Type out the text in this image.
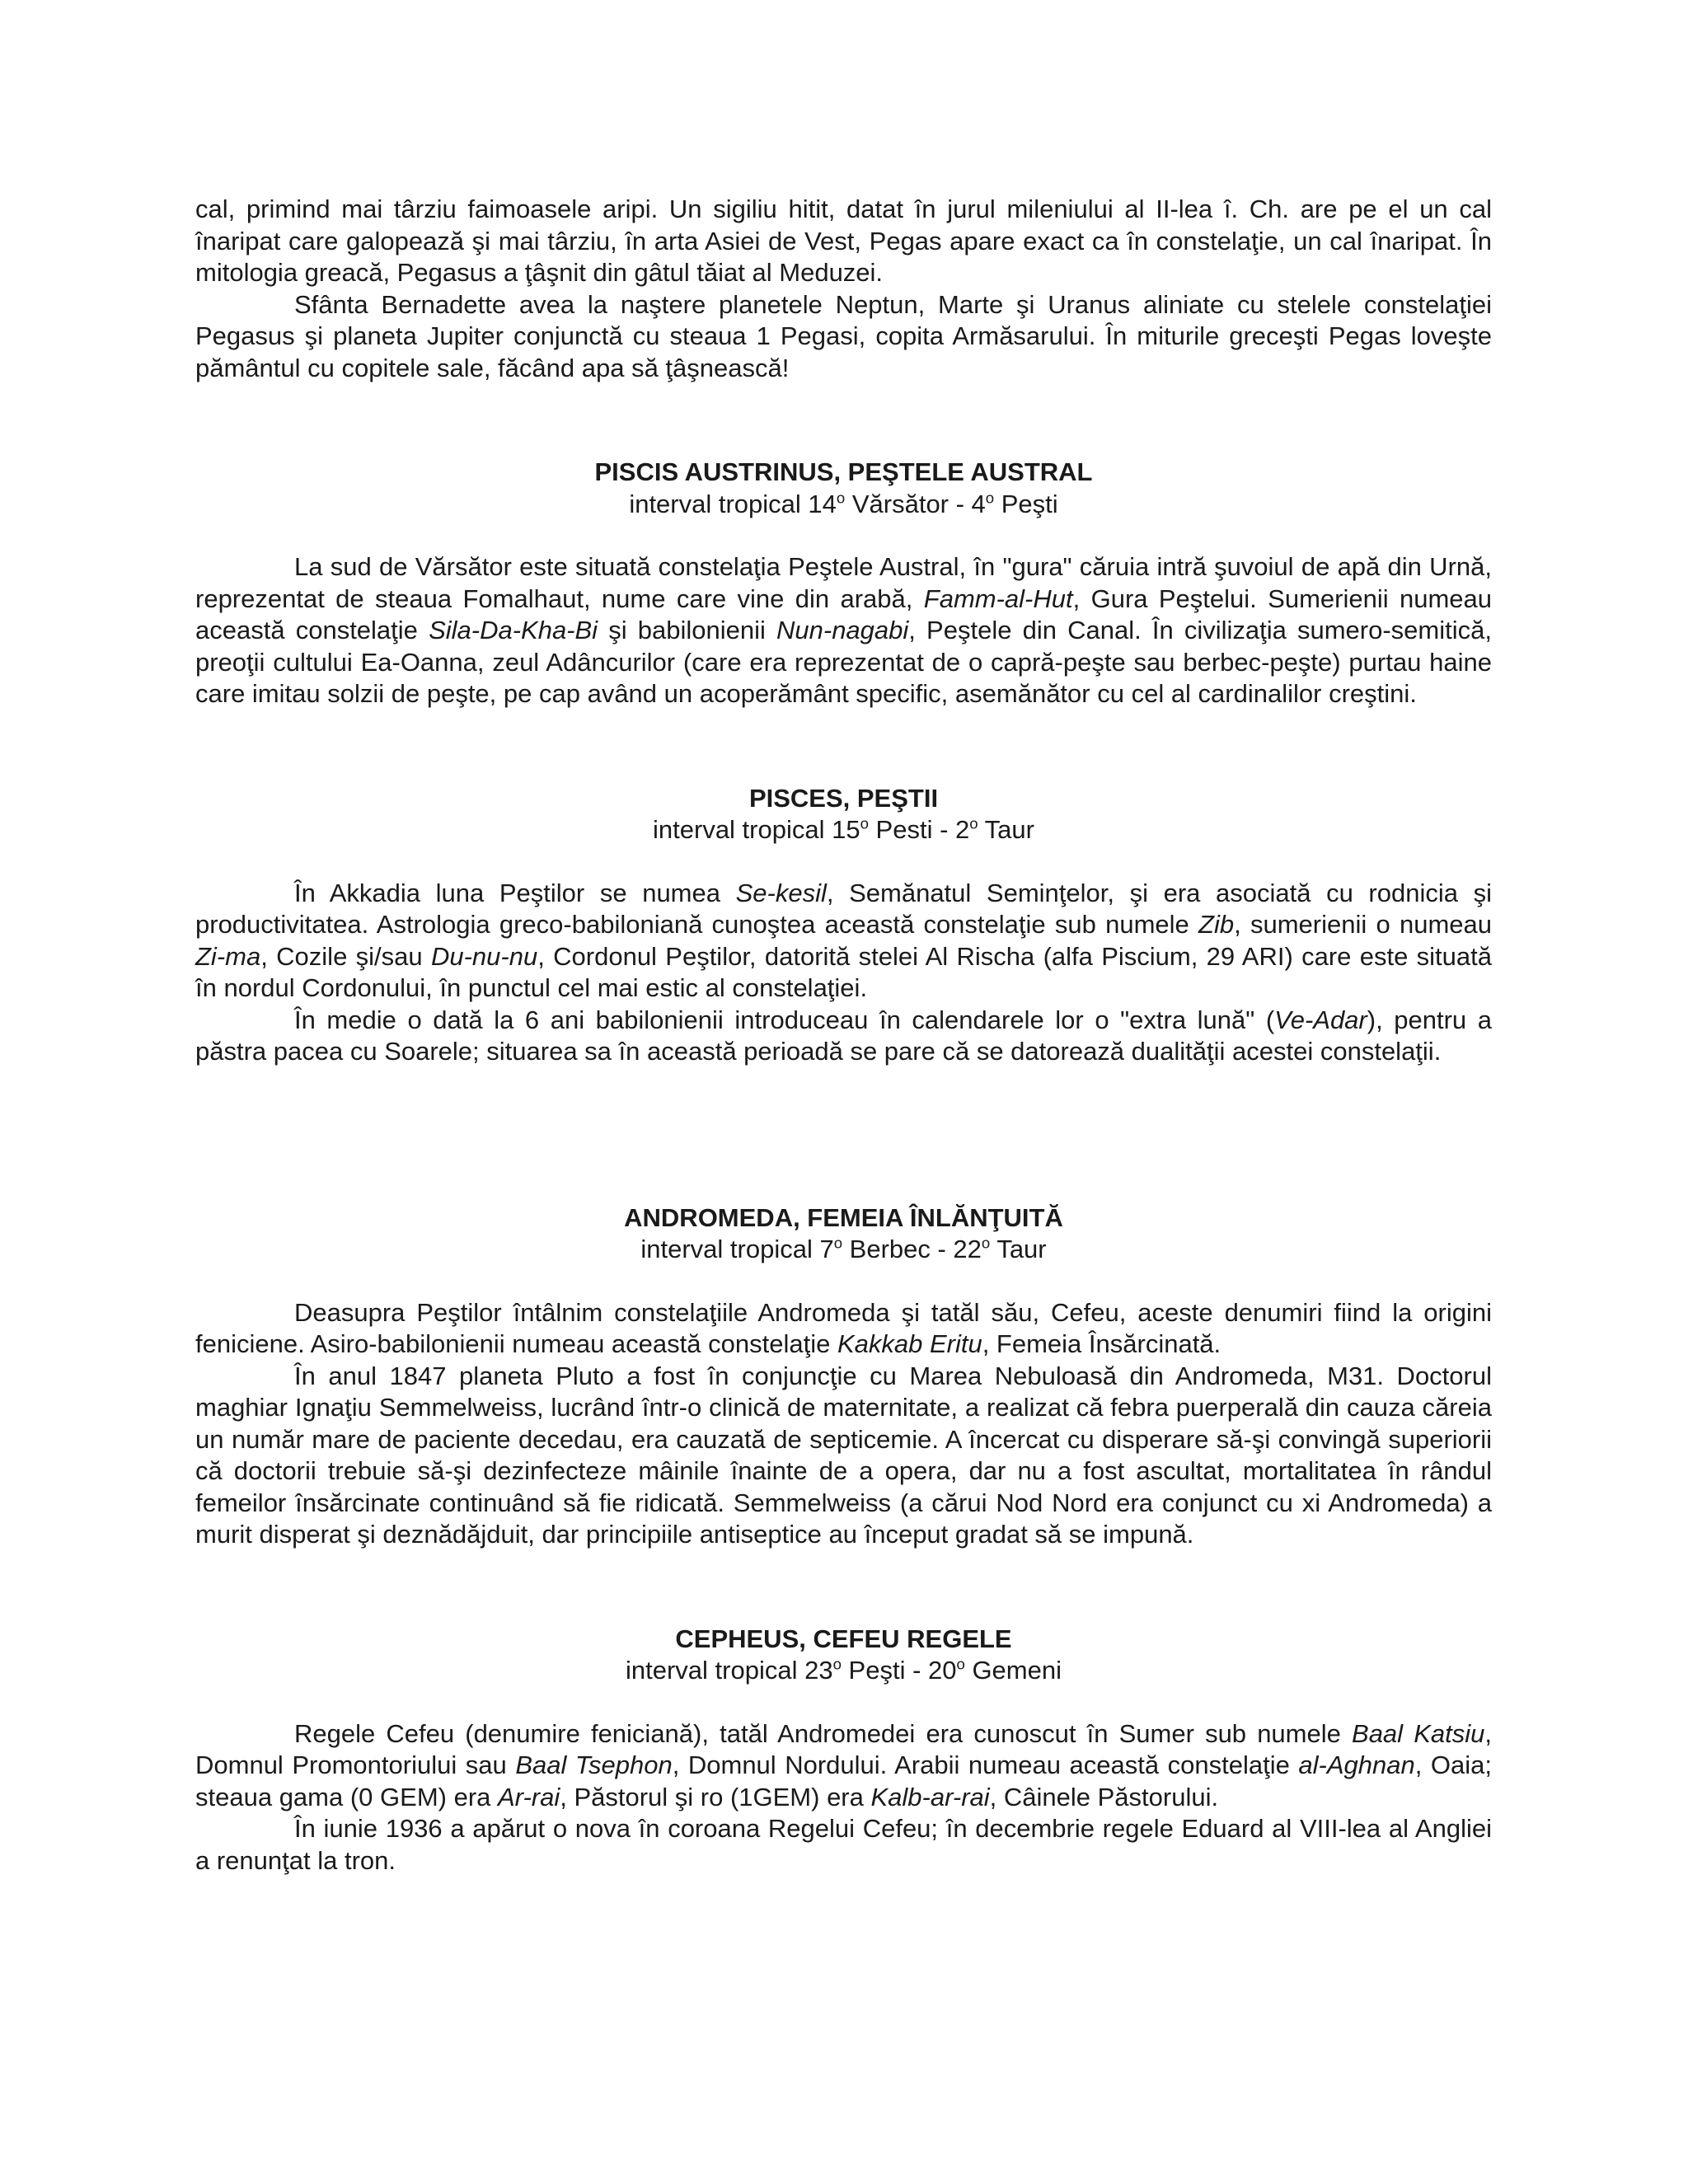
cal, primind mai târziu faimoasele aripi. Un sigiliu hitit, datat în jurul mileniului al II-lea î. Ch. are pe el un cal înaripat care galopează şi mai târziu, în arta Asiei de Vest, Pegas apare exact ca în constelaţie, un cal înaripat. În mitologia greacă, Pegasus a ţâşnit din gâtul tăiat al Meduzei.

Sfânta Bernadette avea la naştere planetele Neptun, Marte şi Uranus aliniate cu stelele constelaţiei Pegasus şi planeta Jupiter conjunctă cu steaua 1 Pegasi, copita Armăsarului. În miturile greceşti Pegas loveşte pământul cu copitele sale, făcând apa să ţâşnească!

PISCIS AUSTRINUS, PEŞTELE AUSTRAL
interval tropical 14$^o$ Vărsător - 4$^o$ Peşti

La sud de Vărsător este situată constelaţia Peştele Austral, în "gura" căruia intră şuvoiul de apă din Urnă, reprezentat de steaua Fomalhaut, nume care vine din arabă, Famm-al-Hut, Gura Peştelui. Sumerienii numeau această constelaţie Sila-Da-Kha-Bi şi babilonienii Nun-nagabi, Peştele din Canal. În civilizaţia sumero-semitică, preoţii cultului Ea-Oanna, zeul Adâncurilor (care era reprezentat de o capră-peşte sau berbec-peşte) purtau haine care imitau solzii de peşte, pe cap având un acoperământ specific, asemănător cu cel al cardinalilor creştini.

PISCES, PEŞTII
interval tropical 15$^o$ Pesti - 2$^o$ Taur

În Akkadia luna Peştilor se numea Se-kesil, Semănatul Seminţelor, şi era asociată cu rodnicia şi productivitatea. Astrologia greco-babiloniană cunoştea această constelaţie sub numele Zib, sumerienii o numeau Zi-ma, Cozile şi/sau Du-nu-nu, Cordonul Peştilor, datorită stelei Al Rischa (alfa Piscium, 29 ARI) care este situată în nordul Cordonului, în punctul cel mai estic al constelaţiei.

În medie o dată la 6 ani babilonienii introduceau în calendarele lor o "extra lună" (Ve-Adar), pentru a păstra pacea cu Soarele; situarea sa în această perioadă se pare că se datorează dualităţii acestei constelaţii.

ANDROMEDA, FEMEIA ÎNLĂNŢUITĂ
interval tropical 7$^o$ Berbec - 22$^o$ Taur

Deasupra Peştilor întâlnim constelaţiile Andromeda şi tatăl său, Cefeu, aceste denumiri fiind la origini feniciene. Asiro-babilonienii numeau această constelaţie Kakkab Eritu, Femeia Însărcinată.

În anul 1847 planeta Pluto a fost în conjuncţie cu Marea Nebuloasă din Andromeda, M31. Doctorul maghiar Ignaţiu Semmelweiss, lucrând într-o clinică de maternitate, a realizat că febra puerperală din cauza căreia un număr mare de paciente decedau, era cauzată de septicemie. A încercat cu disperare să-şi convingă superiorii că doctorii trebuie să-şi dezinfecteze mâinile înainte de a opera, dar nu a fost ascultat, mortalitatea în rândul femeilor însărcinate continuând să fie ridicată. Semmelweiss (a cărui Nod Nord era conjunct cu xi Andromeda) a murit disperat şi deznădăjduit, dar principiile antiseptice au început gradat să se impună.

CEPHEUS, CEFEU REGELE
interval tropical 23$^o$ Peşti - 20$^o$ Gemeni

Regele Cefeu (denumire feniciană), tatăl Andromedei era cunoscut în Sumer sub numele Baal Katsiu, Domnul Promontoriului sau Baal Tsephon, Domnul Nordului. Arabii numeau această constelaţie al-Aghnan, Oaia; steaua gama (0 GEM) era Ar-rai, Păstorul şi ro (1GEM) era Kalb-ar-rai, Câinele Păstorului.

În iunie 1936 a apărut o nova în coroana Regelui Cefeu; în decembrie regele Eduard al VIII-lea al Angliei a renunţat la tron.
